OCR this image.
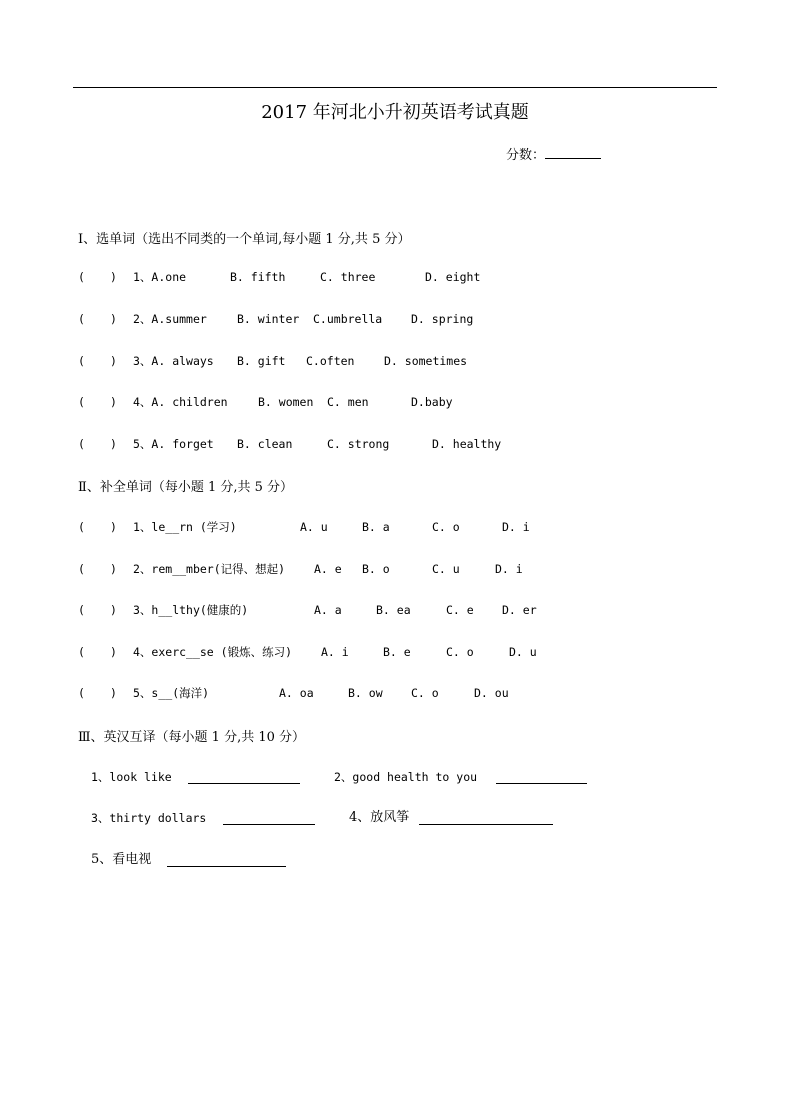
2017 年河北小升初英语考试真题
分数：
Ⅰ、选单词（选出不同类的一个单词,每小题 1 分,共 5 分）
( ) 1、A.one	B. fifth	C. three	D. eight
( ) 2、A.summer	B. winter C.umbrella	D. spring
( ) 3、A. always B. gift C.often	D. sometimes
( ) 4、A. children	B. women C. men	D.baby
( ) 5、A. forget B. clean	C. strong	D. healthy
Ⅱ、补全单词（每小题 1 分,共 5 分）
( ) 1、le__rn (学习)	A. u	B. a	C. o	D. i
( ) 2、rem__mber(记得、想起)	A. e B. o	C. u	D. i
( ) 3、h__lthy(健康的)	A. a	B. ea	C. e D. er
( ) 4、exerc__se (锻炼、练习)	A. i	B. e	C. o	D. u
( ) 5、s__(海洋)	A. oa	B. ow C. o	D. ou
Ⅲ、英汉互译（每小题 1 分,共 10 分）
1、look like	2、good health to you
3、thirty dollars	4、放风筝
5、看电视
